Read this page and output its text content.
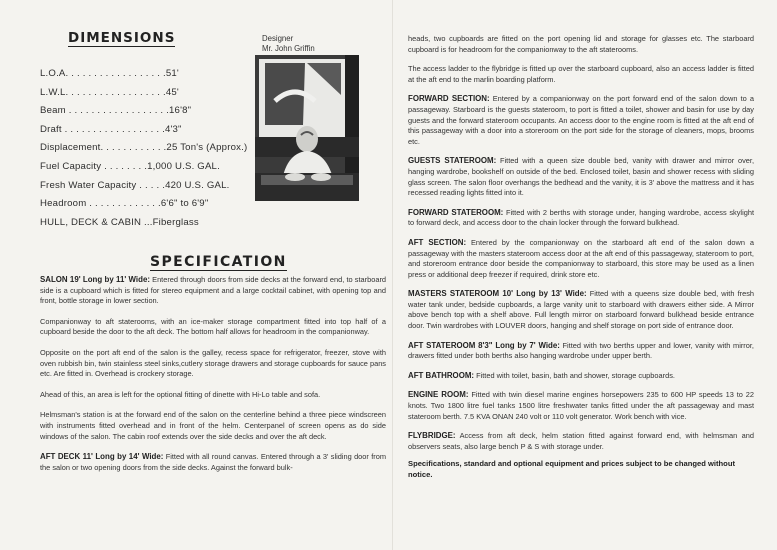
DIMENSIONS
L.O.A. . . . . . . . . . . . . . . . . .51'
L.W.L. . . . . . . . . . . . . . . . . .45'
Beam . . . . . . . . . . . . . . . . . .16'8"
Draft . . . . . . . . . . . . . . . . . .4'3"
Displacement. . . . . . . . . . . .25 Ton's (Approx.)
Fuel Capacity . . . . . . . .1,000 U.S. GAL.
Fresh Water Capacity . . . . .420 U.S. GAL.
Headroom . . . . . . . . . . . . .6'6" to 6'9"
HULL, DECK & CABIN ...Fiberglass
Designer
Mr. John Griffin
SPECIFICATION

SALON 19' Long by 11' Wide: Entered through doors from side decks at the forward end, to starboard side is a cupboard which is fitted for stereo equipment and a large cocktail cabinet, with opening top and front, bottle storage in lower section.

Companionway to aft staterooms, with an ice-maker storage compartment fitted into top half of a cupboard beside the door to the aft deck. The bottom half allows for headroom in the companionway.

Opposite on the port aft end of the salon is the galley, recess space for refrigerator, freezer, stove with oven rubbish bin, twin stainless steel sinks,cutlery storage drawers and storage cupboards for sauce pans etc. Are fitted in. Overhead is crockery storage.

Ahead of this, an area is left for the optional fitting of dinette with Hi-Lo table and sofa.

Helmsman's station is at the forward end of the salon on the centerline behind a three piece windscreen with instruments fitted overhead and in front of the helm. Centerpanel of screen opens as do side windows of the salon. The cabin roof extends over the side decks and over the aft deck.

AFT DECK 11' Long by 14' Wide: Fitted with all round canvas. Entered through a 3' sliding door from the salon or two opening doors from the side decks. Against the forward bulk-

heads, two cupboards are fitted on the port opening lid and storage for glasses etc. The starboard cupboard is for headroom for the companionway to the aft staterooms.

The access ladder to the flybridge is fitted up over the starboard cupboard, also an access ladder is fitted at the aft end to the marlin boarding platform.

FORWARD SECTION: Entered by a companionway on the port forward end of the salon down to a passageway. Starboard is the guests stateroom, to port is fitted a toilet, shower and basin for use by day guests and the forward stateroom occupants. An access door to the engine room is fitted at the aft end of this passageway with a door into a storeroom on the port side for the storage of cleaners, mops, brooms etc.

GUESTS STATEROOM: Fitted with a queen size double bed, vanity with drawer and mirror over, hanging wardrobe, bookshelf on outside of the bed. Enclosed toilet, basin and shower recess with sliding glass screen. The salon floor overhangs the bedhead and the vanity, it is 3' above the mattress and it has recessed reading lights fitted into it.

FORWARD STATEROOM: Fitted with 2 berths with storage under, hanging wardrobe, access skylight to forward deck, and access door to the chain locker through the forward bulkhead.

AFT SECTION: Entered by the companionway on the starboard aft end of the salon down a passageway with the masters stateroom access door at the aft end of this passageway, stateroom to port, and storeroom entrance door beside the companionway to starboard, this store may be used as a linen press or additional deep freezer if required, drink store etc.

MASTERS STATEROOM 10' Long by 13' Wide: Fitted with a queens size double bed, with fresh water tank under, bedside cupboards, a large vanity unit to starboard with drawers either side. A Mirror above bench top with a shelf above. Full length mirror on starboard forward bulkhead beside entrance door. Twin wardrobes with LOUVER doors, hanging and shelf storage on port side of entrance door.

AFT STATEROOM 8'3" Long by 7' Wide: Fitted with two berths upper and lower, vanity with mirror, drawers fitted under both berths also hanging wardrobe under upper berth.

AFT BATHROOM: Fitted with toilet, basin, bath and shower, storage cupboards.

ENGINE ROOM: Fitted with twin diesel marine engines horsepowers 235 to 600 HP speeds 13 to 22 knots. Two 1800 litre fuel tanks 1500 litre freshwater tanks fitted under the aft passageway and mast stateroom berth. 7.5 KVA ONAN 240 volt or 110 volt generator. Work bench with vice.

FLYBRIDGE: Access from aft deck, helm station fitted against forward end, with helmsman and observers seats, also large bench P & S with storage under.

Specifications, standard and optional equipment and prices subject to be changed without notice.
